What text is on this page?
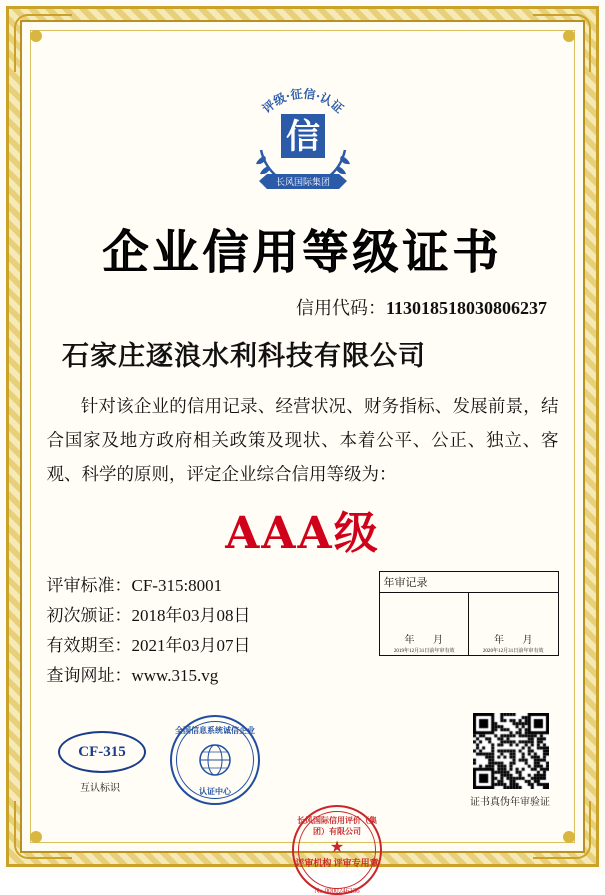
评级·征信·认证
信
长风国际集团
企业信用等级证书
信用代码：113018518030806237
石家庄逐浪水利科技有限公司
针对该企业的信用记录、经营状况、财务指标、发展前景，结合国家及地方政府相关政策及现状、本着公平、公正、独立、客观、科学的原则，评定企业综合信用等级为：
AAA级
评审标准：CF-315:8001
初次颁证：2018年03月08日
有效期至：2021年03月07日
查询网址：www.315.vg
年审记录
年 月
2019年12月31日前年审有效
年 月
2020年12月31日前年审有效
CF-315
互认标识
全国信息系统诚信企业
认证中心
长风国际信用评价（集团）有限公司
★
评审机构 评审专用章
No.0000246236
证书真伪年审验证
